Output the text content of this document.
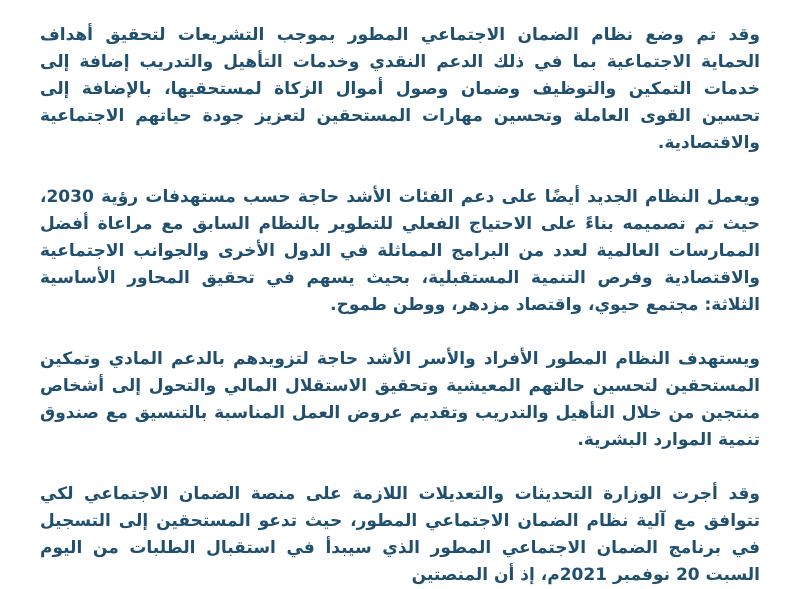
وقد تم وضع نظام الضمان الاجتماعي المطور بموجب التشريعات لتحقيق أهداف الحماية الاجتماعية بما في ذلك الدعم النقدي وخدمات التأهيل والتدريب إضافة إلى خدمات التمكين والتوظيف وضمان وصول أموال الزكاة لمستحقيها، بالإضافة إلى تحسين القوى العاملة وتحسين مهارات المستحقين لتعزيز جودة حياتهم الاجتماعية والاقتصادية.

ويعمل النظام الجديد أيضًا على دعم الفئات الأشد حاجة حسب مستهدفات رؤية 2030، حيث تم تصميمه بناءً على الاحتياج الفعلي للتطوير بالنظام السابق مع مراعاة أفضل الممارسات العالمية لعدد من البرامج المماثلة في الدول الأخرى والجوانب الاجتماعية والاقتصادية وفرص التنمية المستقبلية، بحيث يسهم في تحقيق المحاور الأساسية الثلاثة: مجتمع حيوي، واقتصاد مزدهر، ووطن طموح.

ويستهدف النظام المطور الأفراد والأسر الأشد حاجة لتزويدهم بالدعم المادي وتمكين المستحقين لتحسين حالتهم المعيشية وتحقيق الاستقلال المالي والتحول إلى أشخاص منتجين من خلال التأهيل والتدريب وتقديم عروض العمل المناسبة بالتنسيق مع صندوق تنمية الموارد البشرية.

وقد أجرت الوزارة التحديثات والتعديلات اللازمة على منصة الضمان الاجتماعي لكي تتوافق مع آلية نظام الضمان الاجتماعي المطور، حيث تدعو المستحقين إلى التسجيل في برنامج الضمان الاجتماعي المطور الذي سيبدأ في استقبال الطلبات من اليوم السبت 20 نوفمبر 2021م، إذ أن المنصتين
